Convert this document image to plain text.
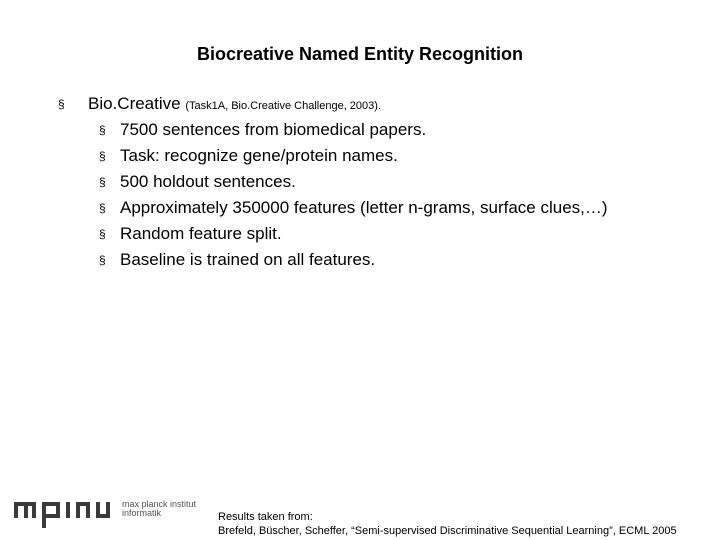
Biocreative Named Entity Recognition
§ Bio.Creative (Task1A, Bio.Creative Challenge, 2003).
§ 7500 sentences from biomedical papers.
§ Task: recognize gene/protein names.
§ 500 holdout sentences.
§ Approximately 350000 features (letter n-grams, surface clues,…)
§ Random feature split.
§ Baseline is trained on all features.
max planck institut
informatik	Results taken from:
Brefeld, Büscher, Scheffer, “Semi-supervised Discriminative Sequential Learning”, ECML 2005
